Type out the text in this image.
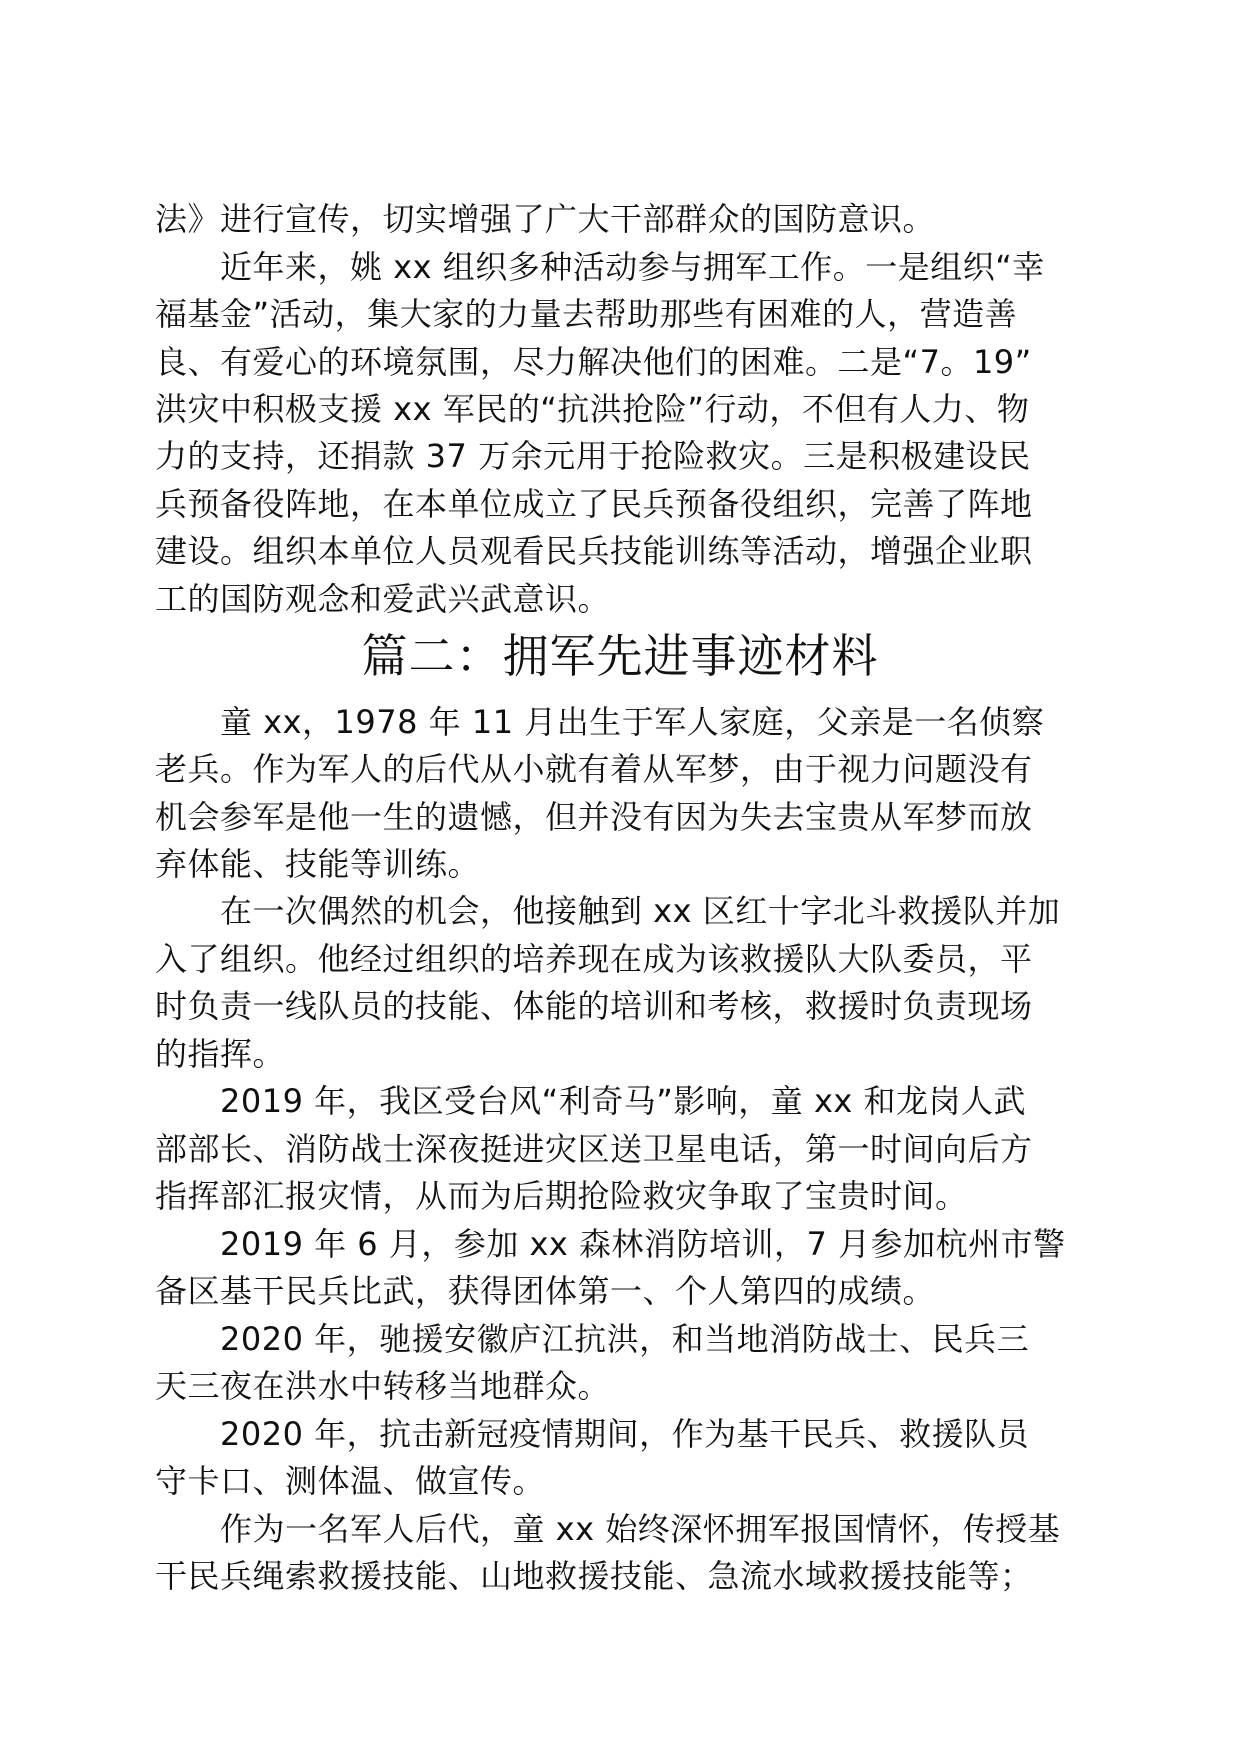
法》进行宣传，切实增强了广大干部群众的国防意识。
　　近年来，姚 xx 组织多种活动参与拥军工作。一是组织“幸
福基金”活动，集大家的力量去帮助那些有困难的人，营造善
良、有爱心的环境氛围，尽力解决他们的困难。二是“7。19”
洪灾中积极支援 xx 军民的“抗洪抢险”行动，不但有人力、物
力的支持，还捐款 37 万余元用于抢险救灾。三是积极建设民
兵预备役阵地，在本单位成立了民兵预备役组织，完善了阵地
建设。组织本单位人员观看民兵技能训练等活动，增强企业职
工的国防观念和爱武兴武意识。
篇二：拥军先进事迹材料
　　童 xx，1978 年 11 月出生于军人家庭，父亲是一名侦察
老兵。作为军人的后代从小就有着从军梦，由于视力问题没有
机会参军是他一生的遗憾，但并没有因为失去宝贵从军梦而放
弃体能、技能等训练。
　　在一次偶然的机会，他接触到 xx 区红十字北斗救援队并加
入了组织。他经过组织的培养现在成为该救援队大队委员，平
时负责一线队员的技能、体能的培训和考核，救援时负责现场
的指挥。
　　2019 年，我区受台风“利奇马”影响，童 xx 和龙岗人武
部部长、消防战士深夜挺进灾区送卫星电话，第一时间向后方
指挥部汇报灾情，从而为后期抢险救灾争取了宝贵时间。
　　2019 年 6 月，参加 xx 森林消防培训，7 月参加杭州市警
备区基干民兵比武，获得团体第一、个人第四的成绩。
　　2020 年，驰援安徽庐江抗洪，和当地消防战士、民兵三
天三夜在洪水中转移当地群众。
　　2020 年，抗击新冠疫情期间，作为基干民兵、救援队员
守卡口、测体温、做宣传。
　　作为一名军人后代，童 xx 始终深怀拥军报国情怀，传授基
干民兵绳索救援技能、山地救援技能、急流水域救援技能等；
